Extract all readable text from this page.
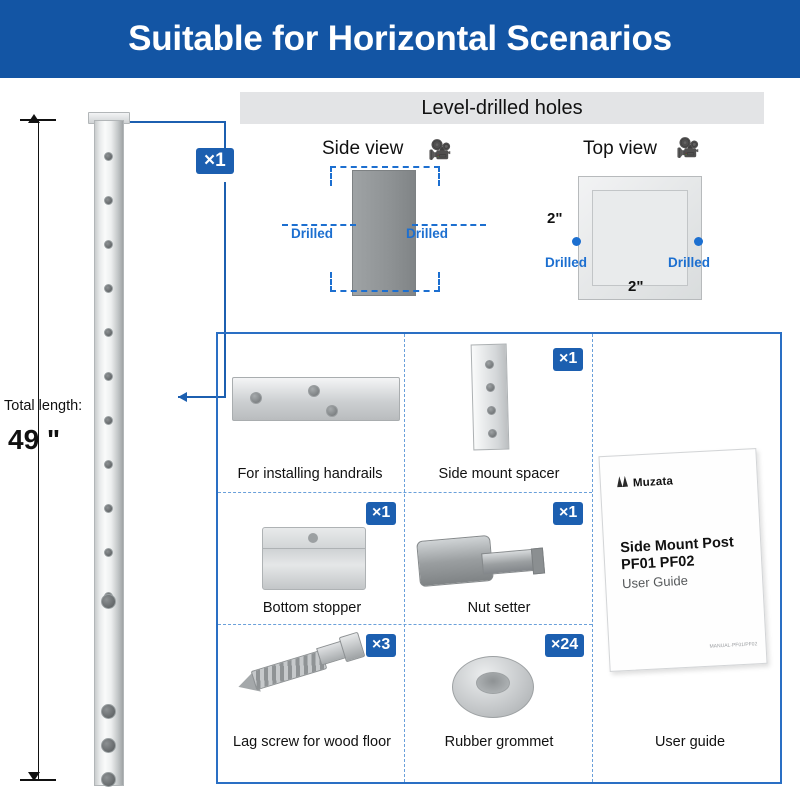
Suitable for Horizontal Scenarios
Total length:
49 "
×1
Level-drilled holes
Side view 🎥	Top view 🎥
Drilled	Drilled
Drilled	Drilled
2"
2"
For installing handrails
×1
Side mount spacer
×1
Bottom stopper
×1
Nut setter
×3
Lag screw for wood floor
×24
Rubber grommet
Muzata
Side Mount Post PF01 PF02
User Guide
MANUAL·PF01/PF02
User guide
